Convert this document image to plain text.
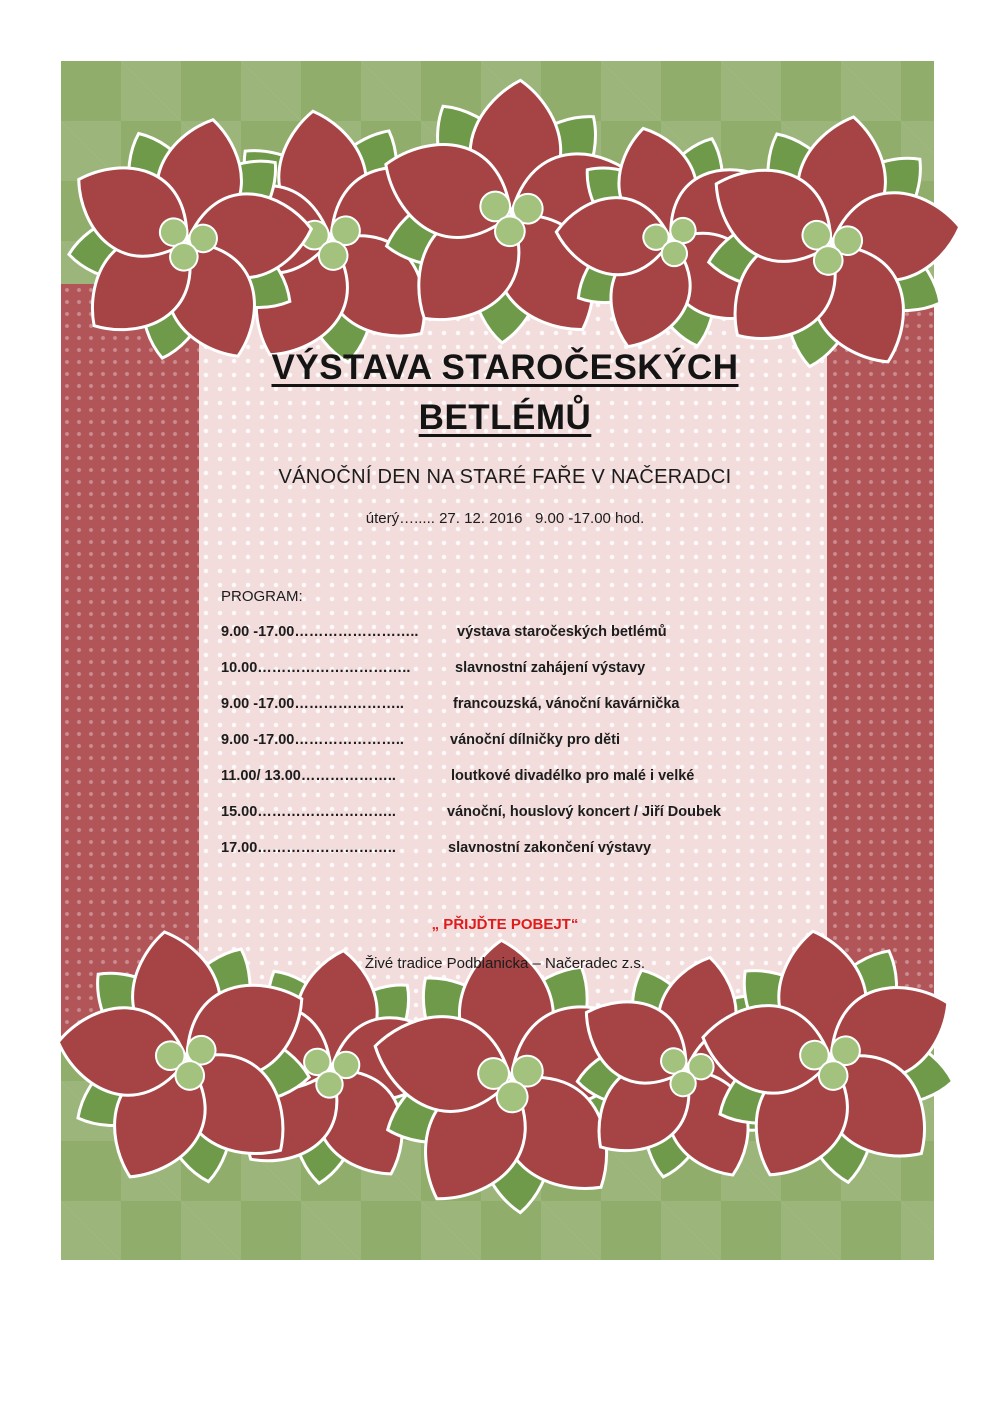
VÝSTAVA STAROČESKÝCH
BETLÉMŮ
VÁNOČNÍ DEN NA STARÉ FAŘE V NAČERADCI
úterý…..... 27. 12. 2016   9.00 -17.00 hod.
PROGRAM:

9.00 -17.00……………………..

	výstava staročeských betlémů

10.00…………………………..

	slavnostní zahájení výstavy

9.00 -17.00…………………..

	francouzská, vánoční kavárnička

9.00 -17.00…………………..

	vánoční dílničky pro děti

11.00/ 13.00………………..

	loutkové divadélko pro malé i velké

15.00………………………..

	vánoční, houslový koncert / Jiří Doubek

17.00………………………..

	slavnostní zakončení výstavy

„ PŘIJĎTE POBEJT“
Živé tradice Podblanicka – Načeradec z.s.
